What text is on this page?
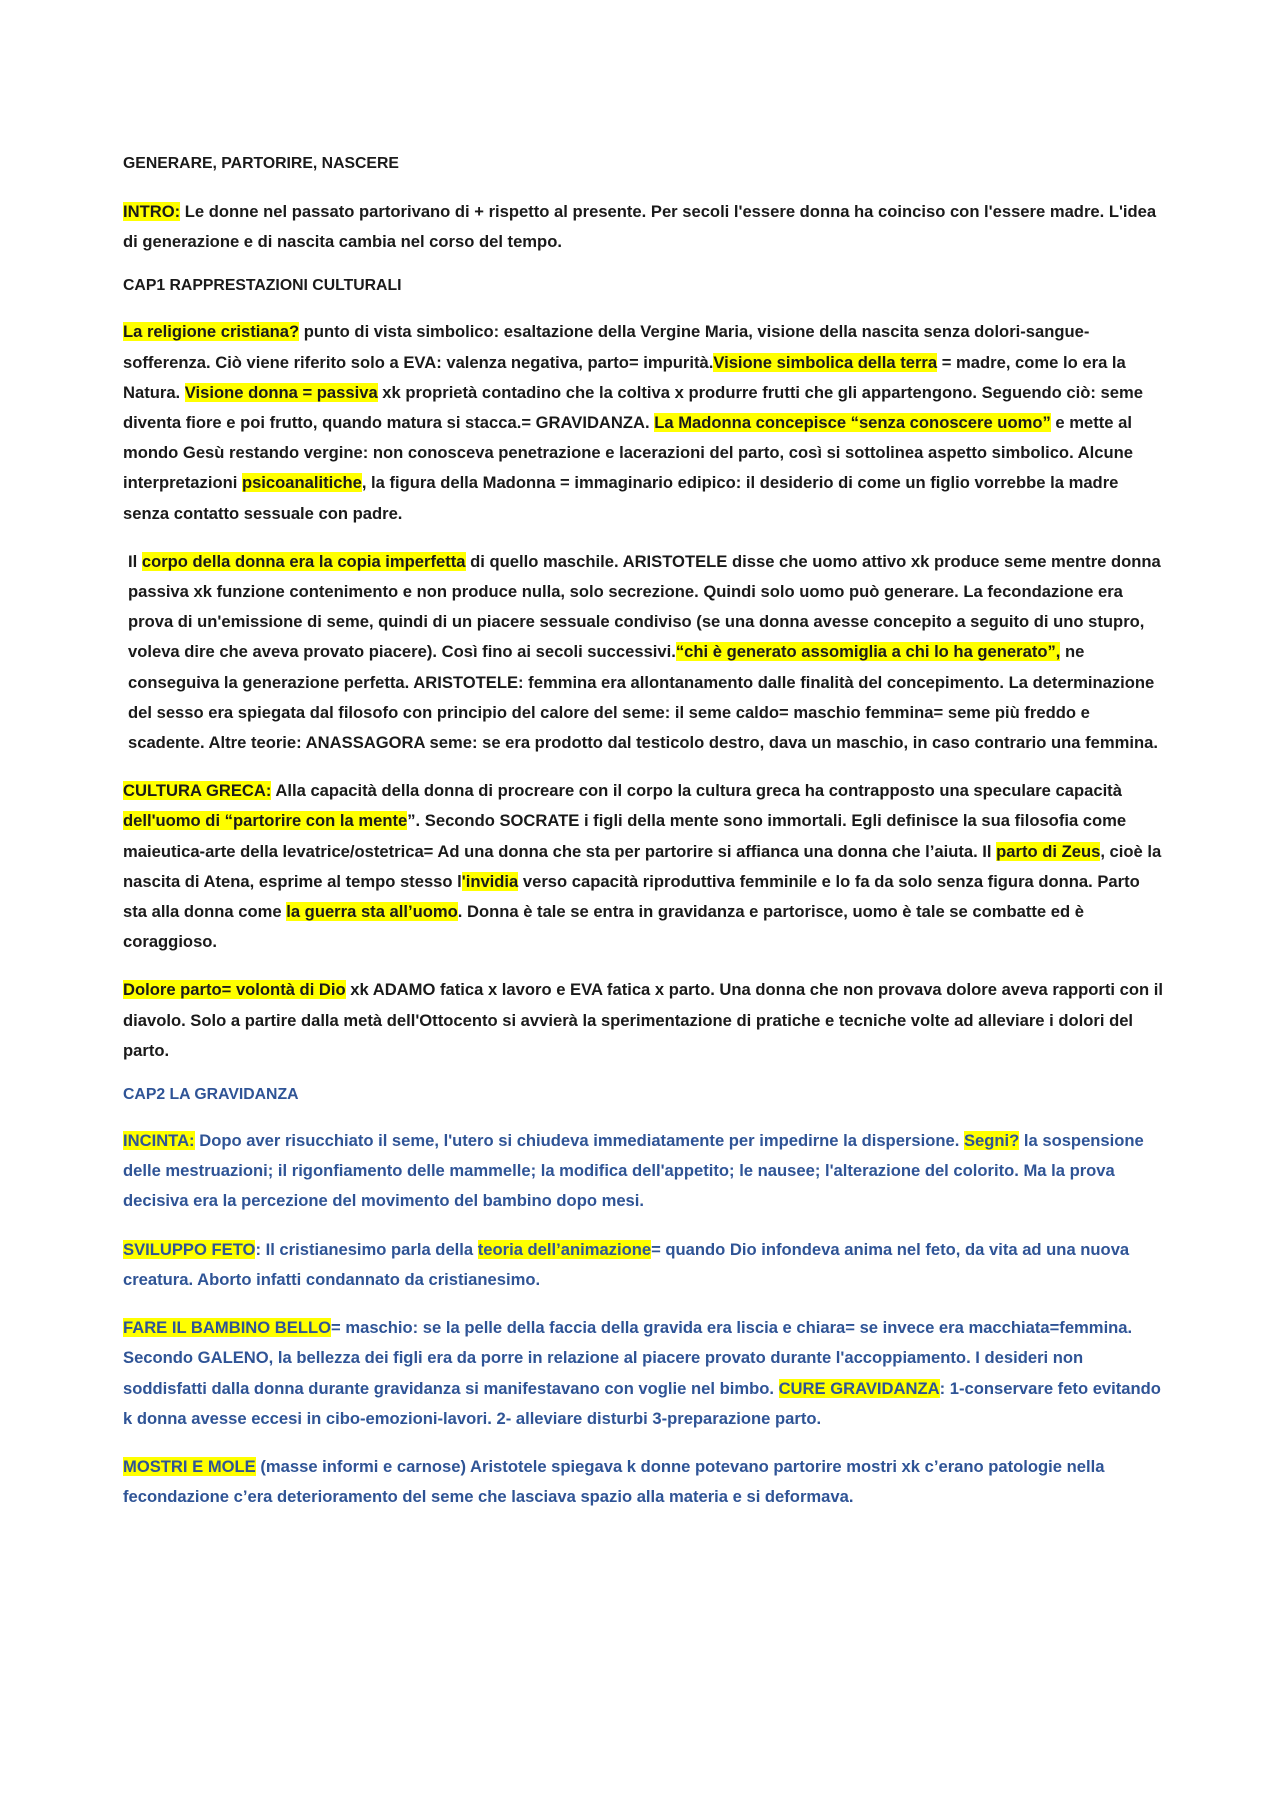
GENERARE, PARTORIRE, NASCERE
INTRO: Le donne nel passato partorivano di + rispetto al presente. Per secoli l'essere donna ha coinciso con l'essere madre. L'idea di generazione e di nascita cambia nel corso del tempo.
CAP1 RAPPRESTAZIONI CULTURALI
La religione cristiana? punto di vista simbolico: esaltazione della Vergine Maria, visione della nascita senza dolori-sangue-sofferenza. Ciò viene riferito solo a EVA: valenza negativa, parto= impurità.Visione simbolica della terra = madre, come lo era la Natura. Visione donna = passiva xk proprietà contadino che la coltiva x produrre frutti che gli appartengono. Seguendo ciò: seme diventa fiore e poi frutto, quando matura si stacca.= GRAVIDANZA. La Madonna concepisce “senza conoscere uomo” e mette al mondo Gesù restando vergine: non conosceva penetrazione e lacerazioni del parto, così si sottolinea aspetto simbolico. Alcune interpretazioni psicoanalitiche, la figura della Madonna = immaginario edipico: il desiderio di come un figlio vorrebbe la madre senza contatto sessuale con padre.
Il corpo della donna era la copia imperfetta di quello maschile. ARISTOTELE disse che uomo attivo xk produce seme mentre donna passiva xk funzione contenimento e non produce nulla, solo secrezione. Quindi solo uomo può generare. La fecondazione era prova di un'emissione di seme, quindi di un piacere sessuale condiviso (se una donna avesse concepito a seguito di uno stupro, voleva dire che aveva provato piacere). Così fino ai secoli successivi.“chi è generato assomiglia a chi lo ha generato”, ne conseguiva la generazione perfetta. ARISTOTELE: femmina era allontanamento dalle finalità del concepimento. La determinazione del sesso era spiegata dal filosofo con principio del calore del seme: il seme caldo= maschio femmina= seme più freddo e scadente. Altre teorie: ANASSAGORA seme: se era prodotto dal testicolo destro, dava un maschio, in caso contrario una femmina.
CULTURA GRECA: Alla capacità della donna di procreare con il corpo la cultura greca ha contrapposto una speculare capacità dell'uomo di “partorire con la mente”. Secondo SOCRATE i figli della mente sono immortali. Egli definisce la sua filosofia come maieutica-arte della levatrice/ostetrica= Ad una donna che sta per partorire si affianca una donna che l’aiuta. Il parto di Zeus, cioè la nascita di Atena, esprime al tempo stesso l'invidia verso capacità riproduttiva femminile e lo fa da solo senza figura donna. Parto sta alla donna come la guerra sta all’uomo. Donna è tale se entra in gravidanza e partorisce, uomo è tale se combatte ed è coraggioso.
Dolore parto= volontà di Dio xk ADAMO fatica x lavoro e EVA fatica x parto. Una donna che non provava dolore aveva rapporti con il diavolo. Solo a partire dalla metà dell'Ottocento si avvierà la sperimentazione di pratiche e tecniche volte ad alleviare i dolori del parto.
CAP2 LA GRAVIDANZA
INCINTA: Dopo aver risucchiato il seme, l'utero si chiudeva immediatamente per impedirne la dispersione. Segni? la sospensione delle mestruazioni; il rigonfiamento delle mammelle; la modifica dell'appetito; le nausee; l'alterazione del colorito. Ma la prova decisiva era la percezione del movimento del bambino dopo mesi.
SVILUPPO FETO: Il cristianesimo parla della teoria dell’animazione= quando Dio infondeva anima nel feto, da vita ad una nuova creatura. Aborto infatti condannato da cristianesimo.
FARE IL BAMBINO BELLO= maschio: se la pelle della faccia della gravida era liscia e chiara= se invece era macchiata=femmina. Secondo GALENO, la bellezza dei figli era da porre in relazione al piacere provato durante l'accoppiamento. I desideri non soddisfatti dalla donna durante gravidanza si manifestavano con voglie nel bimbo. CURE GRAVIDANZA: 1-conservare feto evitando k donna avesse eccesi in cibo-emozioni-lavori. 2- alleviare disturbi 3-preparazione parto.
MOSTRI E MOLE (masse informi e carnose) Aristotele spiegava k donne potevano partorire mostri xk c’erano patologie nella fecondazione c’era deterioramento del seme che lasciava spazio alla materia e si deformava.
